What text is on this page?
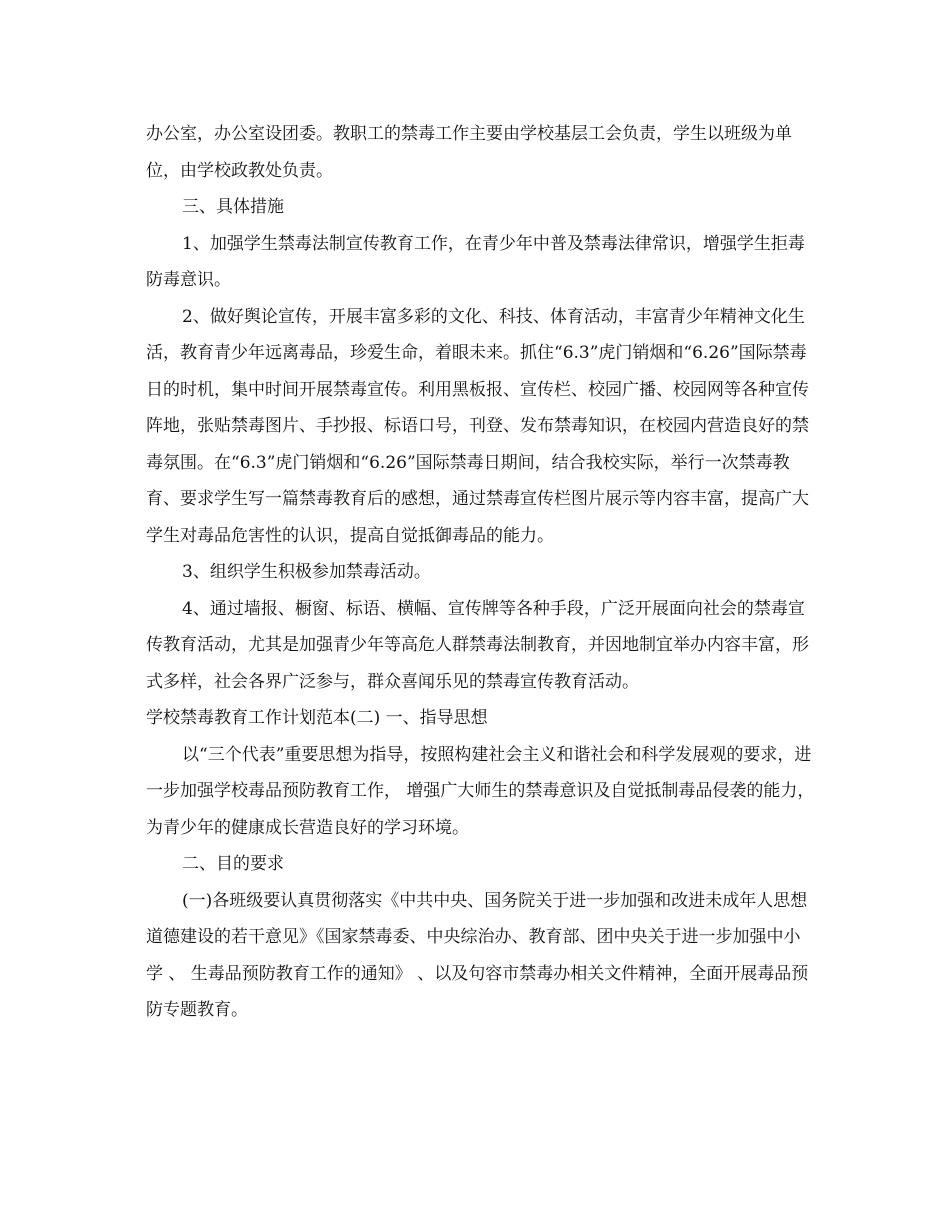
办公室，办公室设团委。教职工的禁毒工作主要由学校基层工会负责，学生以班级为单位，由学校政教处负责。

三、具体措施

1、加强学生禁毒法制宣传教育工作，在青少年中普及禁毒法律常识，增强学生拒毒防毒意识。

2、做好舆论宣传，开展丰富多彩的文化、科技、体育活动，丰富青少年精神文化生活，教育青少年远离毒品，珍爱生命，着眼未来。抓住“6.3”虎门销烟和“6.26”国际禁毒日的时机，集中时间开展禁毒宣传。利用黑板报、宣传栏、校园广播、校园网等各种宣传阵地，张贴禁毒图片、手抄报、标语口号，刊登、发布禁毒知识，在校园内营造良好的禁毒氛围。在“6.3”虎门销烟和“6.26”国际禁毒日期间，结合我校实际，举行一次禁毒教育、要求学生写一篇禁毒教育后的感想，通过禁毒宣传栏图片展示等内容丰富，提高广大学生对毒品危害性的认识，提高自觉抵御毒品的能力。

3、组织学生积极参加禁毒活动。

4、通过墙报、橱窗、标语、横幅、宣传牌等各种手段，广泛开展面向社会的禁毒宣传教育活动，尤其是加强青少年等高危人群禁毒法制教育，并因地制宜举办内容丰富，形式多样，社会各界广泛参与，群众喜闻乐见的禁毒宣传教育活动。

学校禁毒教育工作计划范本(二) 一、指导思想

以“三个代表”重要思想为指导，按照构建社会主义和谐社会和科学发展观的要求，进一步加强学校毒品预防教育工作， 增强广大师生的禁毒意识及自觉抵制毒品侵袭的能力， 为青少年的健康成长营造良好的学习环境。

二、目的要求

(一)各班级要认真贯彻落实《中共中央、国务院关于进一步加强和改进未成年人思想道德建设的若干意见》《国家禁毒委、中央综治办、教育部、团中央关于进一步加强中小学 、 生毒品预防教育工作的通知》 、以及句容市禁毒办相关文件精神，全面开展毒品预防专题教育。
